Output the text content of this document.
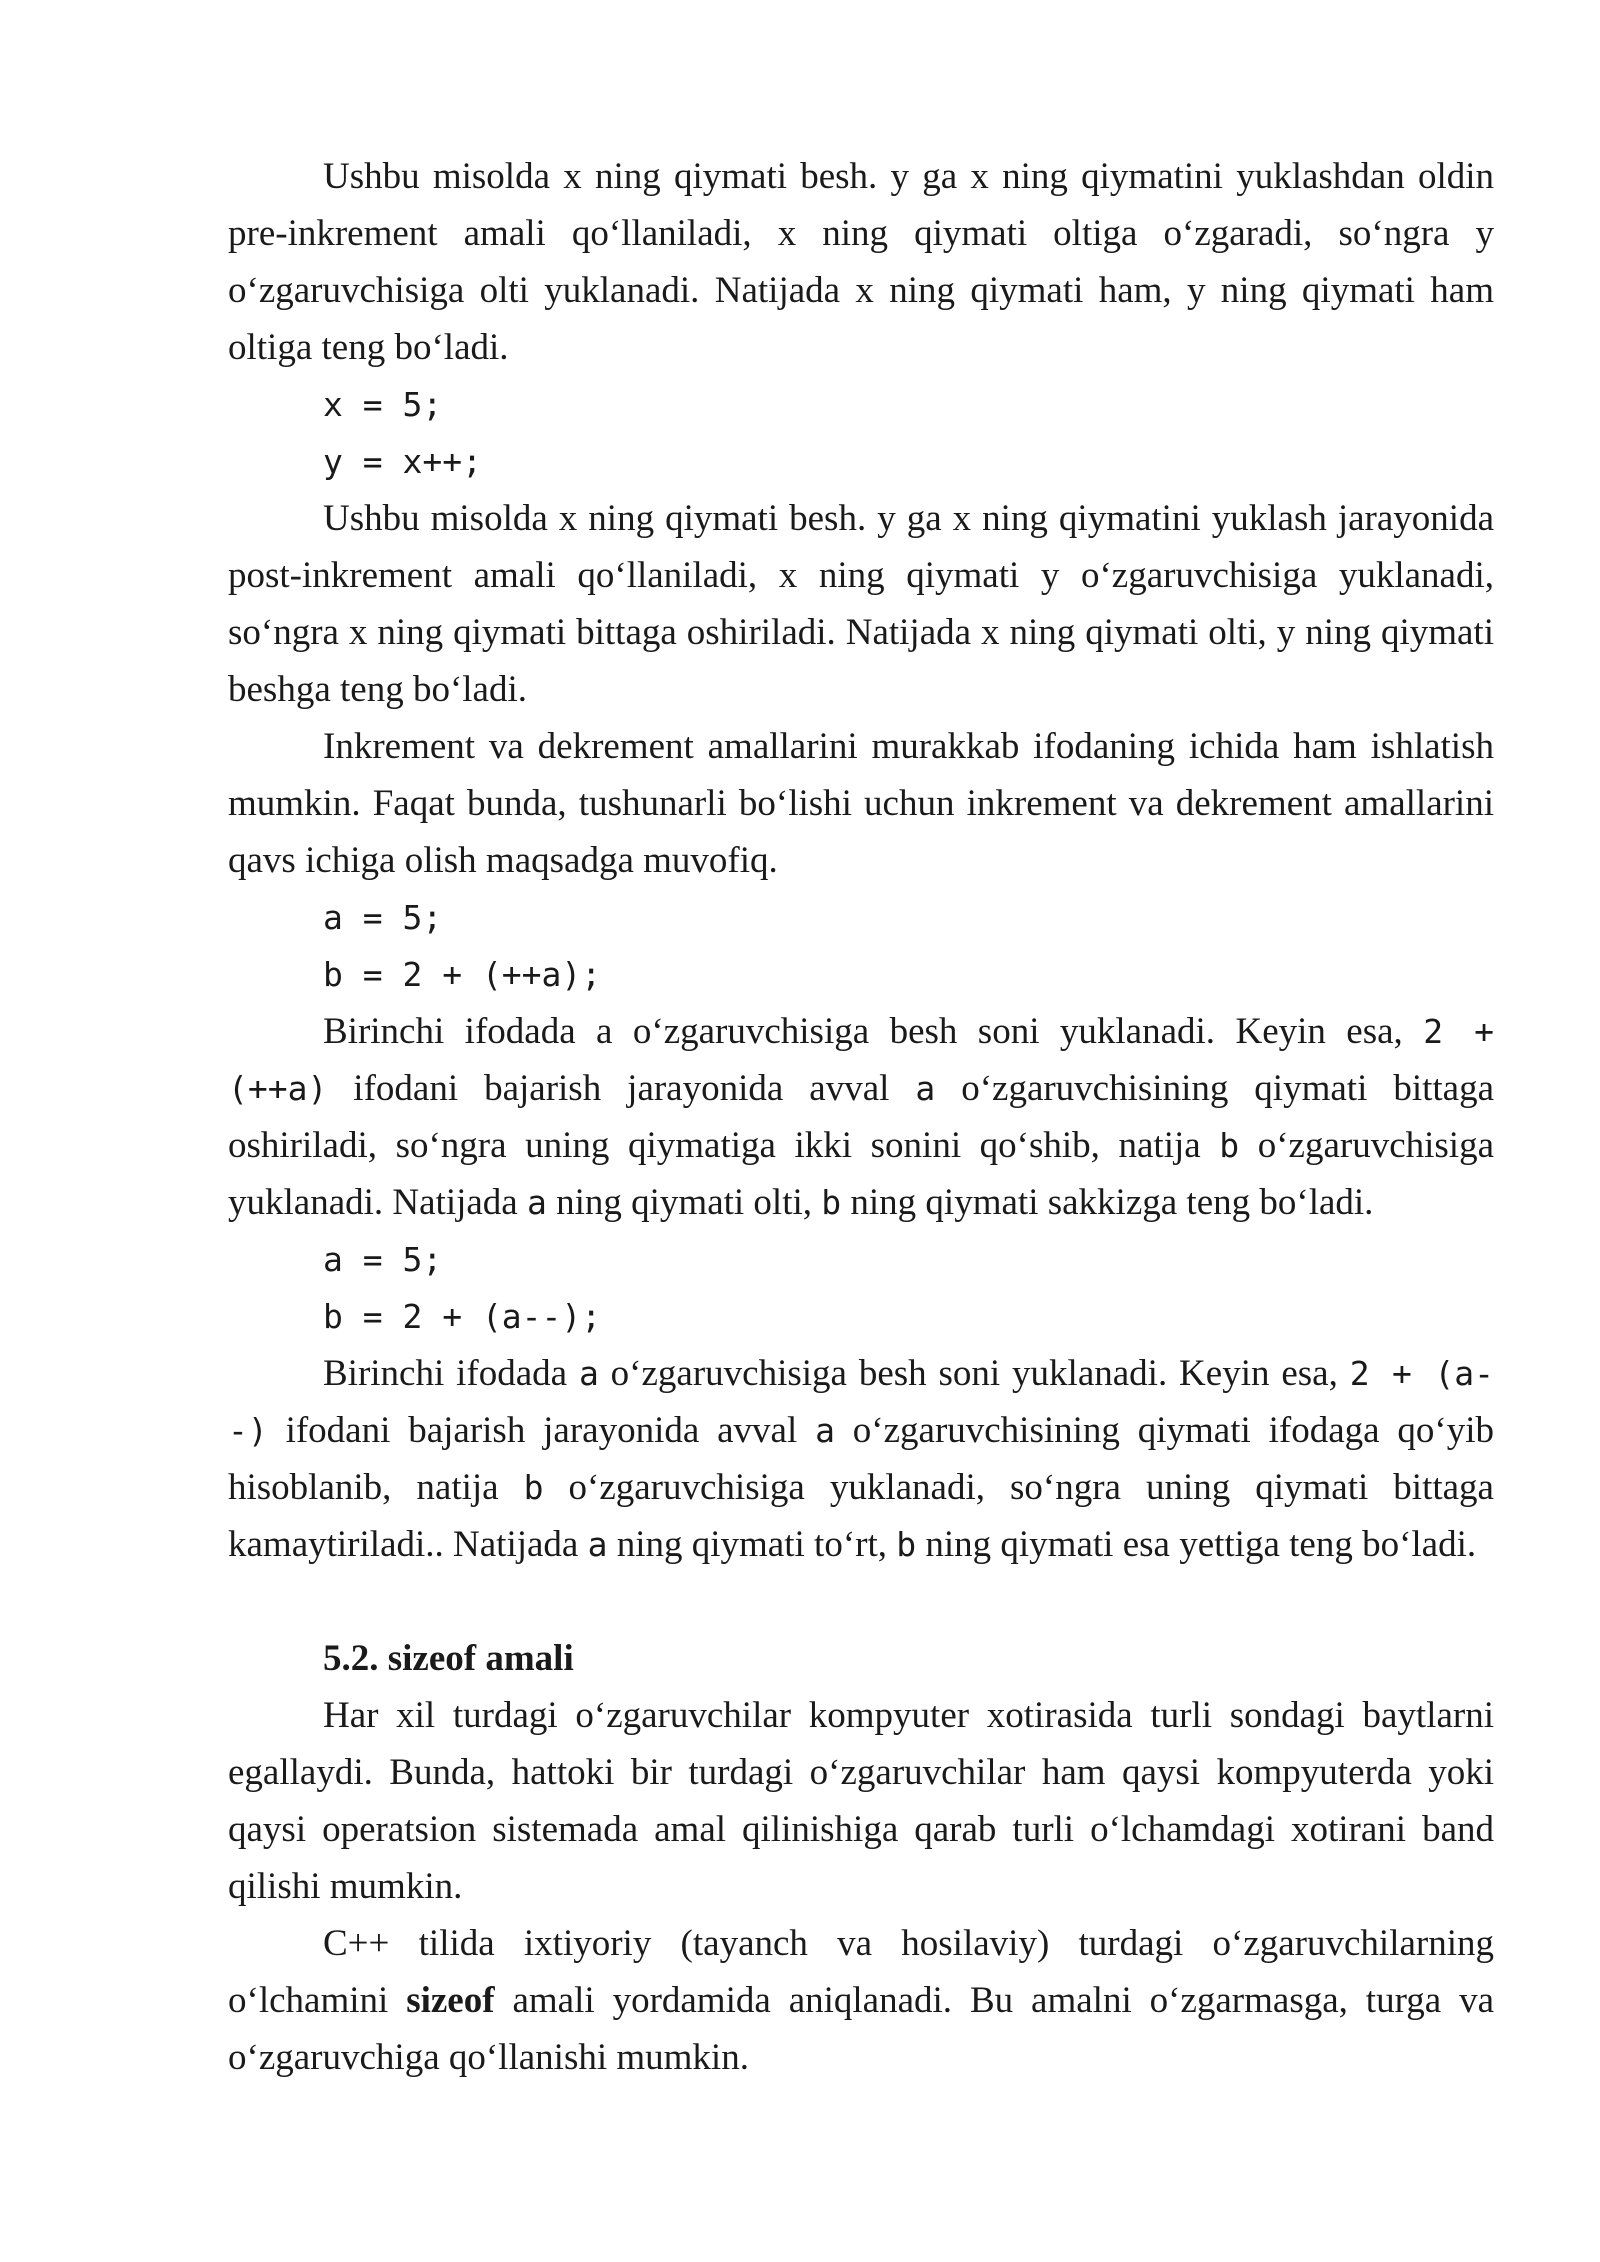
Ushbu misolda x ning qiymati besh. y ga x ning qiymatini yuklashdan oldin pre-inkrement amali qo‘llaniladi, x ning qiymati oltiga o‘zgaradi, so‘ngra y o‘zgaruvchisiga olti yuklanadi. Natijada x ning qiymati ham, y ning qiymati ham oltiga teng bo‘ladi.

x = 5;
y = x++;

Ushbu misolda x ning qiymati besh. y ga x ning qiymatini yuklash jarayonida post-inkrement amali qo‘llaniladi, x ning qiymati y o‘zgaruvchisiga yuklanadi, so‘ngra x ning qiymati bittaga oshiriladi. Natijada x ning qiymati olti, y ning qiymati beshga teng bo‘ladi.

Inkrement va dekrement amallarini murakkab ifodaning ichida ham ishlatish mumkin. Faqat bunda, tushunarli bo‘lishi uchun inkrement va dekrement amallarini qavs ichiga olish maqsadga muvofiq.

a = 5;
b = 2 + (++a);

Birinchi ifodada a o‘zgaruvchisiga besh soni yuklanadi. Keyin esa, 2 + (++a) ifodani bajarish jarayonida avval a o‘zgaruvchisining qiymati bittaga oshiriladi, so‘ngra uning qiymatiga ikki sonini qo‘shib, natija b o‘zgaruvchisiga yuklanadi. Natijada a ning qiymati olti, b ning qiymati sakkizga teng bo‘ladi.

a = 5;
b = 2 + (a--);

Birinchi ifodada a o‘zgaruvchisiga besh soni yuklanadi. Keyin esa, 2 + (a--) ifodani bajarish jarayonida avval a o‘zgaruvchisining qiymati ifodaga qo‘yib hisoblanib, natija b o‘zgaruvchisiga yuklanadi, so‘ngra uning qiymati bittaga kamaytiriladi.. Natijada a ning qiymati to‘rt, b ning qiymati esa yettiga teng bo‘ladi.

5.2. sizeof amali

Har xil turdagi o‘zgaruvchilar kompyuter xotirasida turli sondagi baytlarni egallaydi. Bunda, hattoki bir turdagi o‘zgaruvchilar ham qaysi kompyuterda yoki qaysi operatsion sistemada amal qilinishiga qarab turli o‘lchamdagi xotirani band qilishi mumkin.

C++ tilida ixtiyoriy (tayanch va hosilaviy) turdagi o‘zgaruvchilarning o‘lchamini sizeof amali yordamida aniqlanadi. Bu amalni o‘zgarmasga, turga va o‘zgaruvchiga qo‘llanishi mumkin.
